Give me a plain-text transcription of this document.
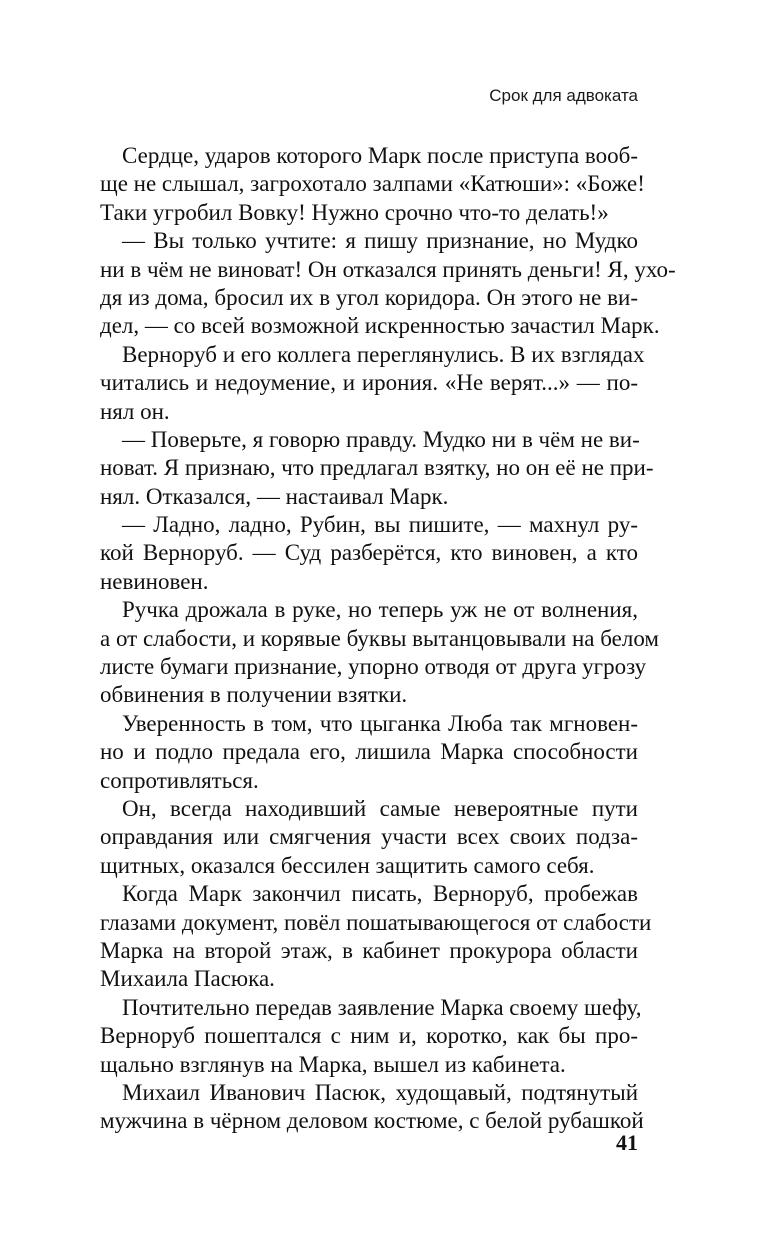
Срок для адвоката

Сердце, ударов которого Марк после приступа вооб-
ще не слышал, загрохотало залпами «Катюши»: «Боже!
Таки угробил Вовку! Нужно срочно что-то делать!»
— Вы только учтите: я пишу признание, но Мудко
ни в чём не виноват! Он отказался принять деньги! Я, ухо-
дя из дома, бросил их в угол коридора. Он этого не ви-
дел, — со всей возможной искренностью зачастил Марк.
Верноруб и его коллега переглянулись. В их взглядах
читались и недоумение, и ирония. «Не верят...» — по-
нял он.
— Поверьте, я говорю правду. Мудко ни в чём не ви-
новат. Я признаю, что предлагал взятку, но он её не при-
нял. Отказался, — настаивал Марк.
— Ладно, ладно, Рубин, вы пишите, — махнул ру-
кой Верноруб. — Суд разберётся, кто виновен, а кто
невиновен.
Ручка дрожала в руке, но теперь уж не от волнения,
а от слабости, и корявые буквы вытанцовывали на белом
листе бумаги признание, упорно отводя от друга угрозу
обвинения в получении взятки.
Уверенность в том, что цыганка Люба так мгновен-
но и подло предала его, лишила Марка способности
сопротивляться.
Он, всегда находивший самые невероятные пути
оправдания или смягчения участи всех своих подза-
щитных, оказался бессилен защитить самого себя.
Когда Марк закончил писать, Верноруб, пробежав
глазами документ, повёл пошатывающегося от слабости
Марка на второй этаж, в кабинет прокурора области
Михаила Пасюка.
Почтительно передав заявление Марка своему шефу,
Верноруб пошептался с ним и, коротко, как бы про-
щально взглянув на Марка, вышел из кабинета.
Михаил Иванович Пасюк, худощавый, подтянутый
мужчина в чёрном деловом костюме, с белой рубашкой

41
